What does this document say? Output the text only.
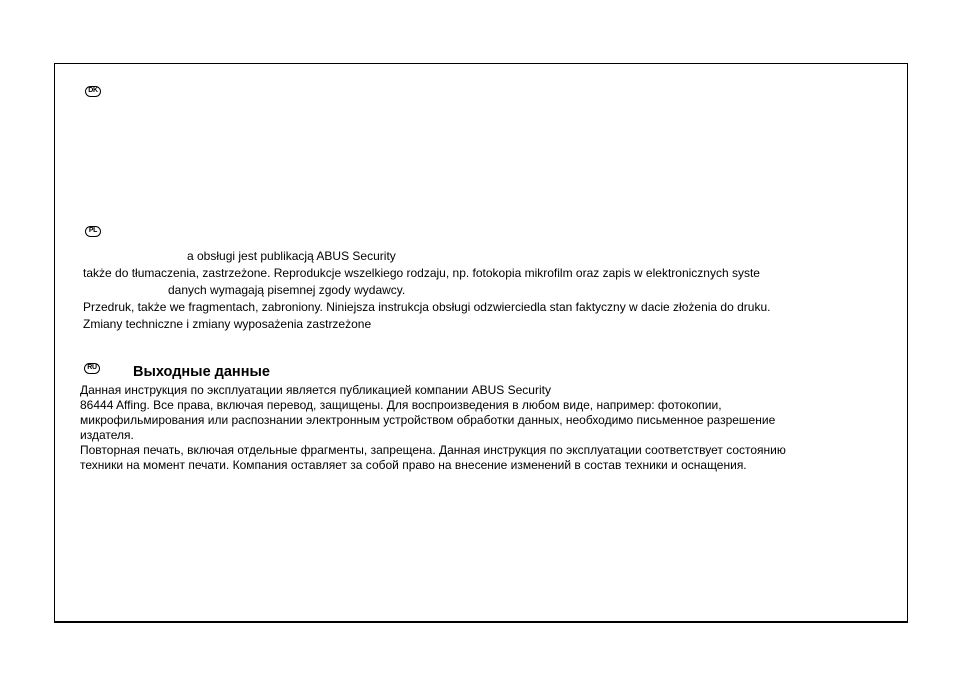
DK
PL
a obsługi jest publikacją ABUS Security
także do tłumaczenia, zastrzeżone. Reprodukcje wszelkiego rodzaju, np. fotokopia mikrofilm oraz zapis w elektronicznych syste
danych wymagają pisemnej zgody wydawcy.
Przedruk, także we fragmentach, zabroniony. Niniejsza instrukcja obsługi odzwierciedla stan faktyczny w dacie złożenia do druku.
Zmiany techniczne i zmiany wyposażenia zastrzeżone
RU	Выходные данные
Данная инструкция по эксплуатации является публикацией компании ABUS Security
86444 Affing. Все права, включая перевод, защищены. Для воспроизведения в любом виде, например: фотокопии,
микрофильмирования или распознании электронным устройством обработки данных, необходимо письменное разрешение
издателя.
Повторная печать, включая отдельные фрагменты, запрещена. Данная инструкция по эксплуатации соответствует состоянию
техники на момент печати. Компания оставляет за собой право на внесение изменений в состав техники и оснащения.
